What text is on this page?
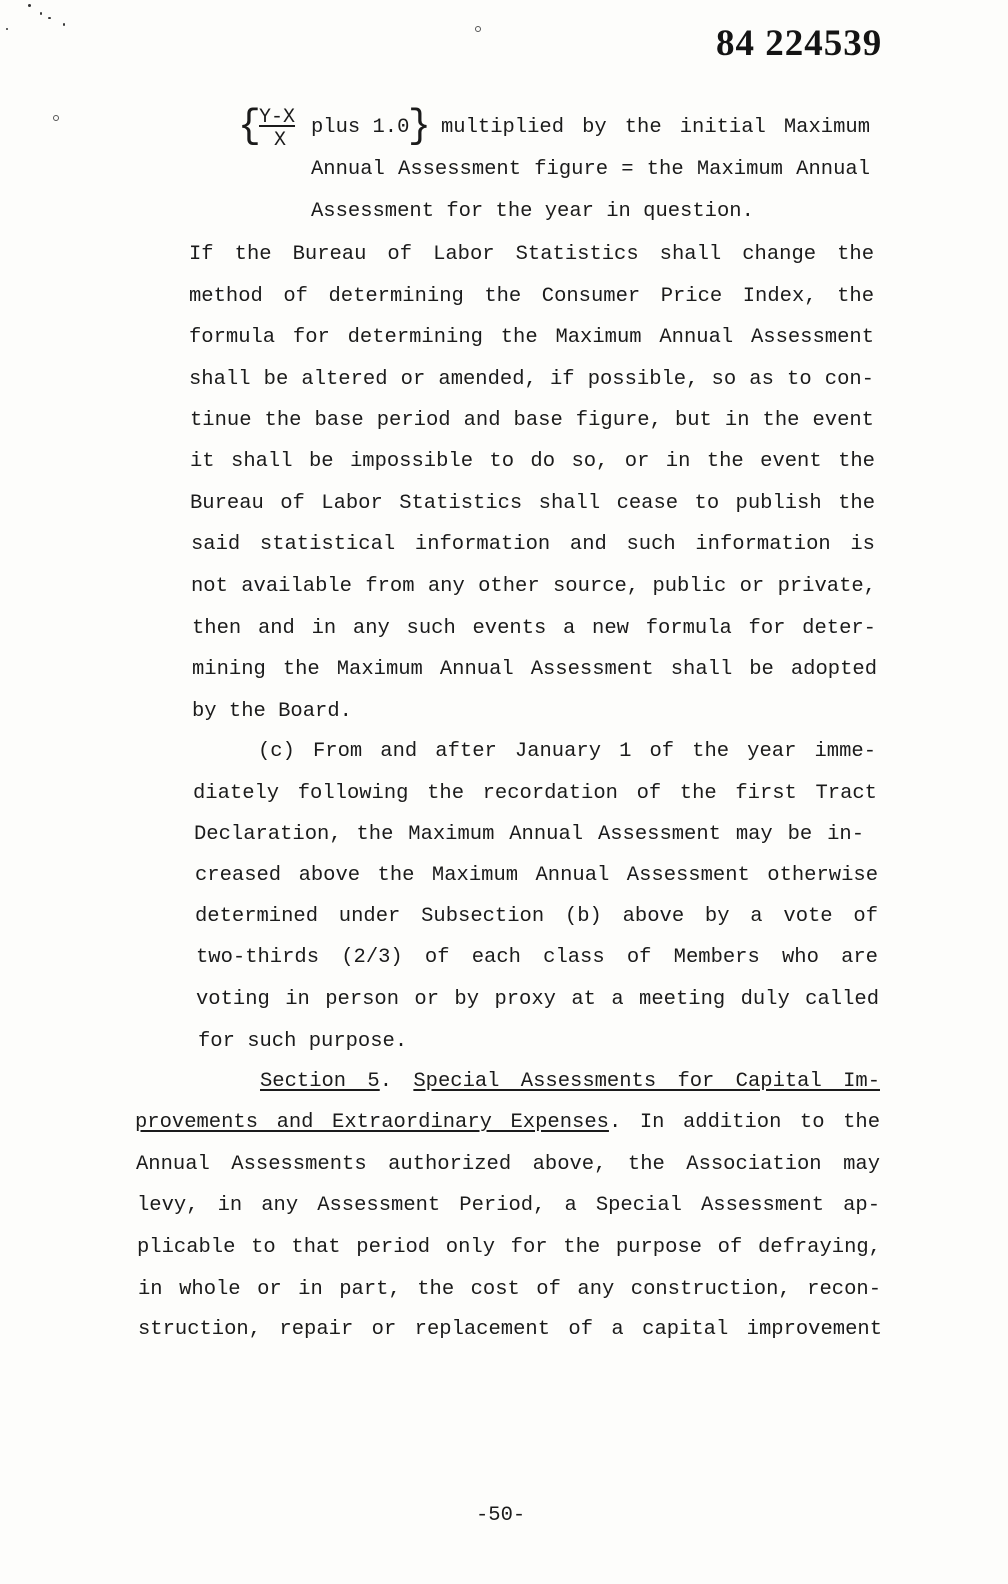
84 224539
{
Y-X
X
plus 1.0
} multiplied by the initial Maximum
Annual Assessment figure = the Maximum Annual
Assessment for the year in question.
If the Bureau of Labor Statistics shall change the
method of determining the Consumer Price Index, the
formula for determining the Maximum Annual Assessment
shall be altered or amended, if possible, so as to con-
tinue the base period and base figure, but in the event
it shall be impossible to do so, or in the event the
Bureau of Labor Statistics shall cease to publish the
said statistical information and such information is
not available from any other source, public or private,
then and in any such events a new formula for deter-
mining the Maximum Annual Assessment shall be adopted
by the Board.
(c) From and after January 1 of the year imme-
diately following the recordation of the first Tract
Declaration, the Maximum Annual Assessment may be in-
creased above the Maximum Annual Assessment otherwise
determined under Subsection (b) above by a vote of
two-thirds (2/3) of each class of Members who are
voting in person or by proxy at a meeting duly called
for such purpose.
Section 5. Special Assessments for Capital Im-
provements and Extraordinary Expenses. In addition to the
Annual Assessments authorized above, the Association may
levy, in any Assessment Period, a Special Assessment ap-
plicable to that period only for the purpose of defraying,
in whole or in part, the cost of any construction, recon-
struction, repair or replacement of a capital improvement
-50-
